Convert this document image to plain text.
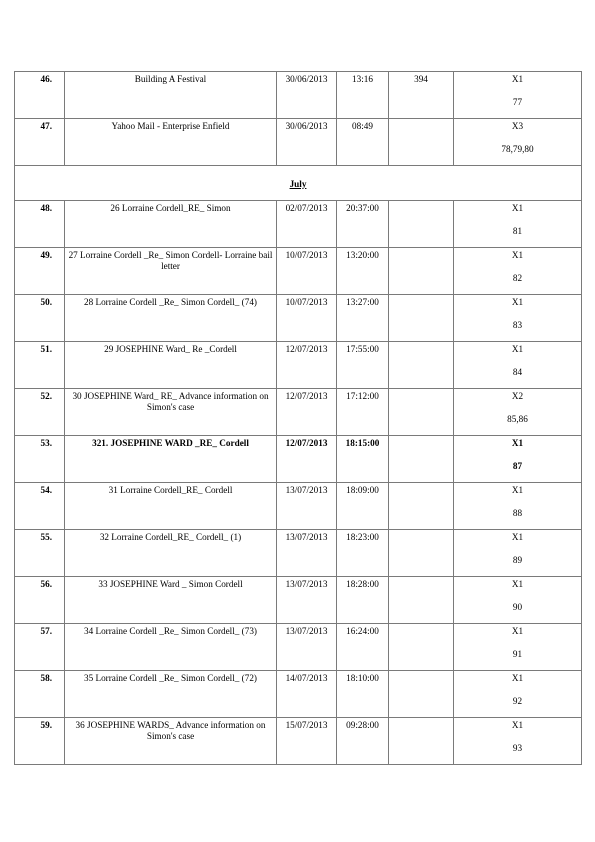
46.	Building A Festival	30/06/2013	13:16	394	X1
77

47.	Yahoo Mail - Enterprise Enfield	30/06/2013	08:49		X3
78,79,80

July					
48.	26 Lorraine Cordell_RE_ Simon	02/07/2013	20:37:00		X1
81

49.	27 Lorraine Cordell _Re_ Simon Cordell- Lorraine bail letter	10/07/2013	13:20:00		X1
82

50.	28 Lorraine Cordell _Re_ Simon Cordell_ (74)	10/07/2013	13:27:00		X1
83

51.	29 JOSEPHINE Ward_ Re _Cordell	12/07/2013	17:55:00		X1
84

52.	30 JOSEPHINE Ward_ RE_ Advance information on Simon's case	12/07/2013	17:12:00		X2
85,86

53.	321. JOSEPHINE WARD _RE_ Cordell	12/07/2013	18:15:00		X1
87

54.	31 Lorraine Cordell_RE_ Cordell	13/07/2013	18:09:00		X1
88

55.	32 Lorraine Cordell_RE_ Cordell_ (1)	13/07/2013	18:23:00		X1
89

56.	33 JOSEPHINE Ward _ Simon Cordell	13/07/2013	18:28:00		X1
90

57.	34 Lorraine Cordell _Re_ Simon Cordell_ (73)	13/07/2013	16:24:00		X1
91

58.	35 Lorraine Cordell _Re_ Simon Cordell_ (72)	14/07/2013	18:10:00		X1
92

59.	36 JOSEPHINE WARDS_ Advance information on Simon's case	15/07/2013	09:28:00		X1
93
